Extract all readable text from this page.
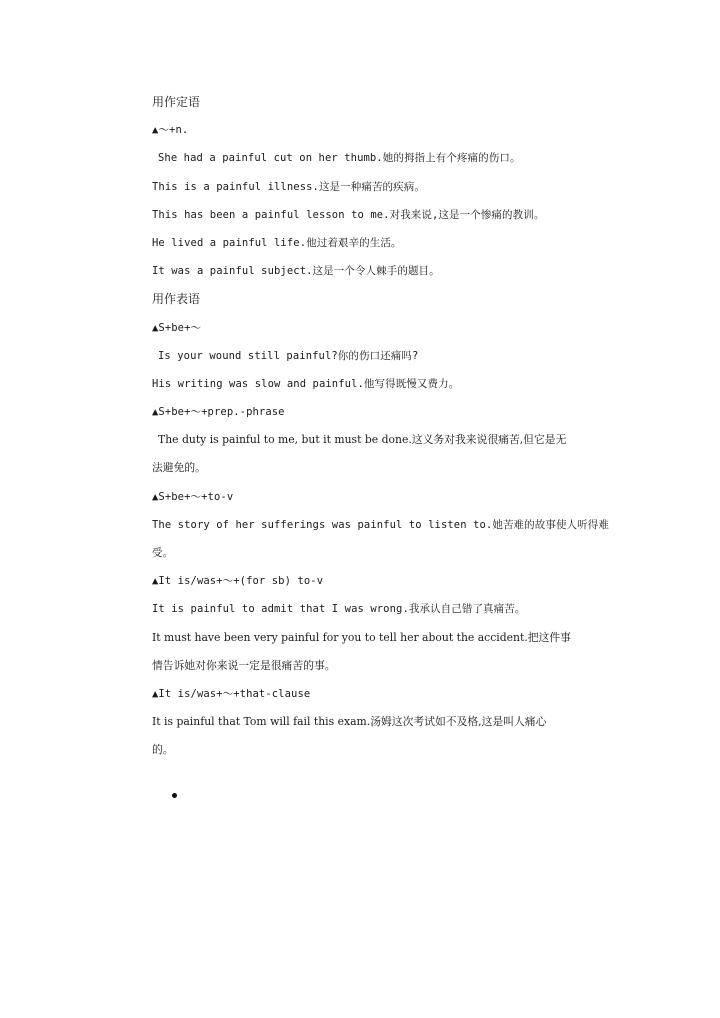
用作定语
▲～+n.
She had a painful cut on her thumb.她的拇指上有个疼痛的伤口。
This is a painful illness.这是一种痛苦的疾病。
This has been a painful lesson to me.对我来说,这是一个惨痛的教训。
He lived a painful life.他过着艰辛的生活。
It was a painful subject.这是一个令人棘手的题目。
用作表语
▲S+be+～
Is your wound still painful?你的伤口还痛吗?
His writing was slow and painful.他写得既慢又费力。
▲S+be+～+prep.-phrase
The duty is painful to me, but it must be done.这义务对我来说很痛苦,但它是无
法避免的。
▲S+be+～+to-v
The story of her sufferings was painful to listen to.她苦难的故事使人听得难
受。
▲It is/was+～+(for sb) to-v
It is painful to admit that I was wrong.我承认自己错了真痛苦。
It must have been very painful for you to tell her about the accident.把这件事
情告诉她对你来说一定是很痛苦的事。
▲It is/was+～+that-clause
It is painful that Tom will fail this exam.汤姆这次考试如不及格,这是叫人痛心
的。
